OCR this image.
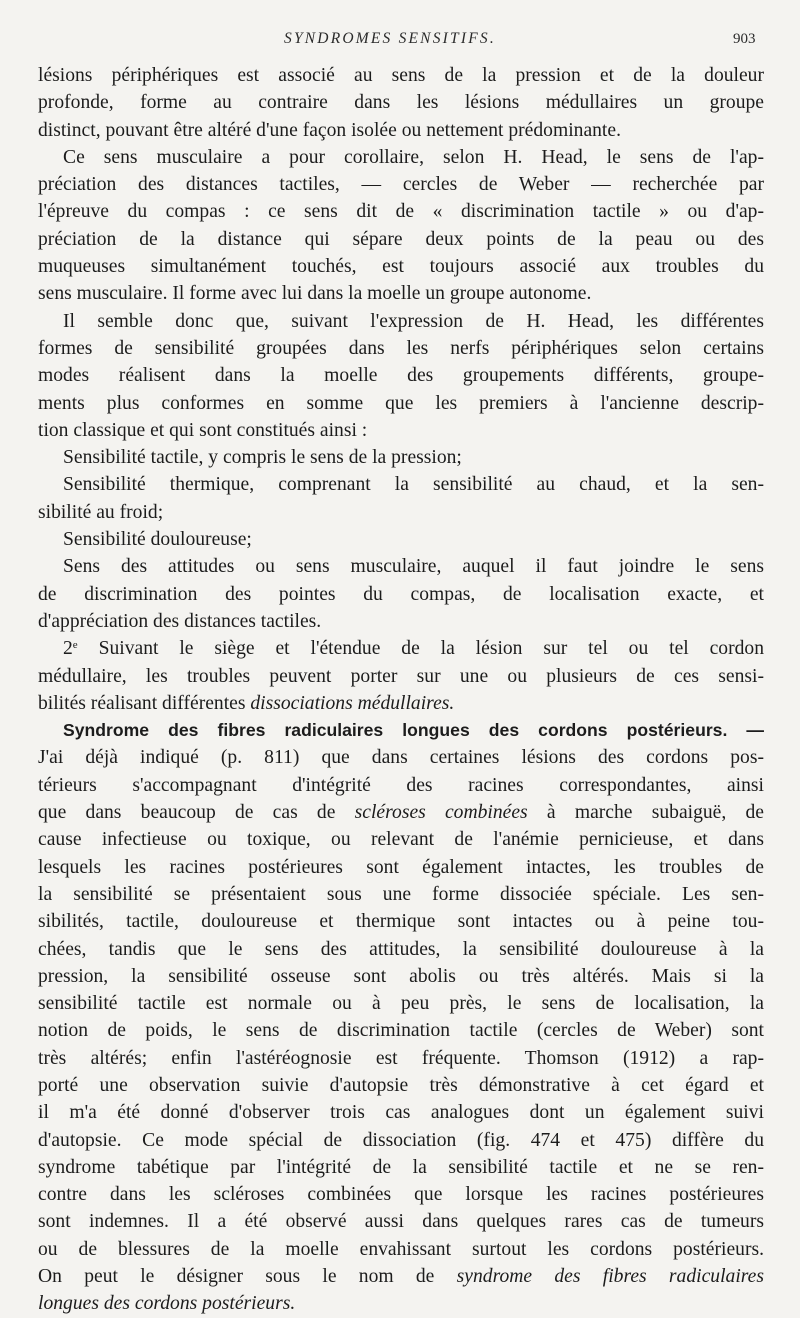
SYNDROMES SENSITIFS.	903
lésions périphériques est associé au sens de la pression et de la douleur
profonde, forme au contraire dans les lésions médullaires un groupe
distinct, pouvant être altéré d'une façon isolée ou nettement prédominante.
Ce sens musculaire a pour corollaire, selon H. Head, le sens de l'ap-
préciation des distances tactiles, — cercles de Weber — recherchée par
l'épreuve du compas : ce sens dit de « discrimination tactile » ou d'ap-
préciation de la distance qui sépare deux points de la peau ou des
muqueuses simultanément touchés, est toujours associé aux troubles du
sens musculaire. Il forme avec lui dans la moelle un groupe autonome.
Il semble donc que, suivant l'expression de H. Head, les différentes
formes de sensibilité groupées dans les nerfs périphériques selon certains
modes réalisent dans la moelle des groupements différents, groupe-
ments plus conformes en somme que les premiers à l'ancienne descrip-
tion classique et qui sont constitués ainsi :
Sensibilité tactile, y compris le sens de la pression;
Sensibilité thermique, comprenant la sensibilité au chaud, et la sen-
sibilité au froid;
Sensibilité douloureuse;
Sens des attitudes ou sens musculaire, auquel il faut joindre le sens
de discrimination des pointes du compas, de localisation exacte, et
d'appréciation des distances tactiles.
2e Suivant le siège et l'étendue de la lésion sur tel ou tel cordon
médullaire, les troubles peuvent porter sur une ou plusieurs de ces sensi-
bilités réalisant différentes dissociations médullaires.
Syndrome des fibres radiculaires longues des cordons postérieurs. —
J'ai déjà indiqué (p. 811) que dans certaines lésions des cordons pos-
térieurs s'accompagnant d'intégrité des racines correspondantes, ainsi
que dans beaucoup de cas de scléroses combinées à marche subaiguë, de
cause infectieuse ou toxique, ou relevant de l'anémie pernicieuse, et dans
lesquels les racines postérieures sont également intactes, les troubles de
la sensibilité se présentaient sous une forme dissociée spéciale. Les sen-
sibilités, tactile, douloureuse et thermique sont intactes ou à peine tou-
chées, tandis que le sens des attitudes, la sensibilité douloureuse à la
pression, la sensibilité osseuse sont abolis ou très altérés. Mais si la
sensibilité tactile est normale ou à peu près, le sens de localisation, la
notion de poids, le sens de discrimination tactile (cercles de Weber) sont
très altérés; enfin l'astéréognosie est fréquente. Thomson (1912) a rap-
porté une observation suivie d'autopsie très démonstrative à cet égard et
il m'a été donné d'observer trois cas analogues dont un également suivi
d'autopsie. Ce mode spécial de dissociation (fig. 474 et 475) diffère du
syndrome tabétique par l'intégrité de la sensibilité tactile et ne se ren-
contre dans les scléroses combinées que lorsque les racines postérieures
sont indemnes. Il a été observé aussi dans quelques rares cas de tumeurs
ou de blessures de la moelle envahissant surtout les cordons postérieurs.
On peut le désigner sous le nom de syndrome des fibres radiculaires
longues des cordons postérieurs.
